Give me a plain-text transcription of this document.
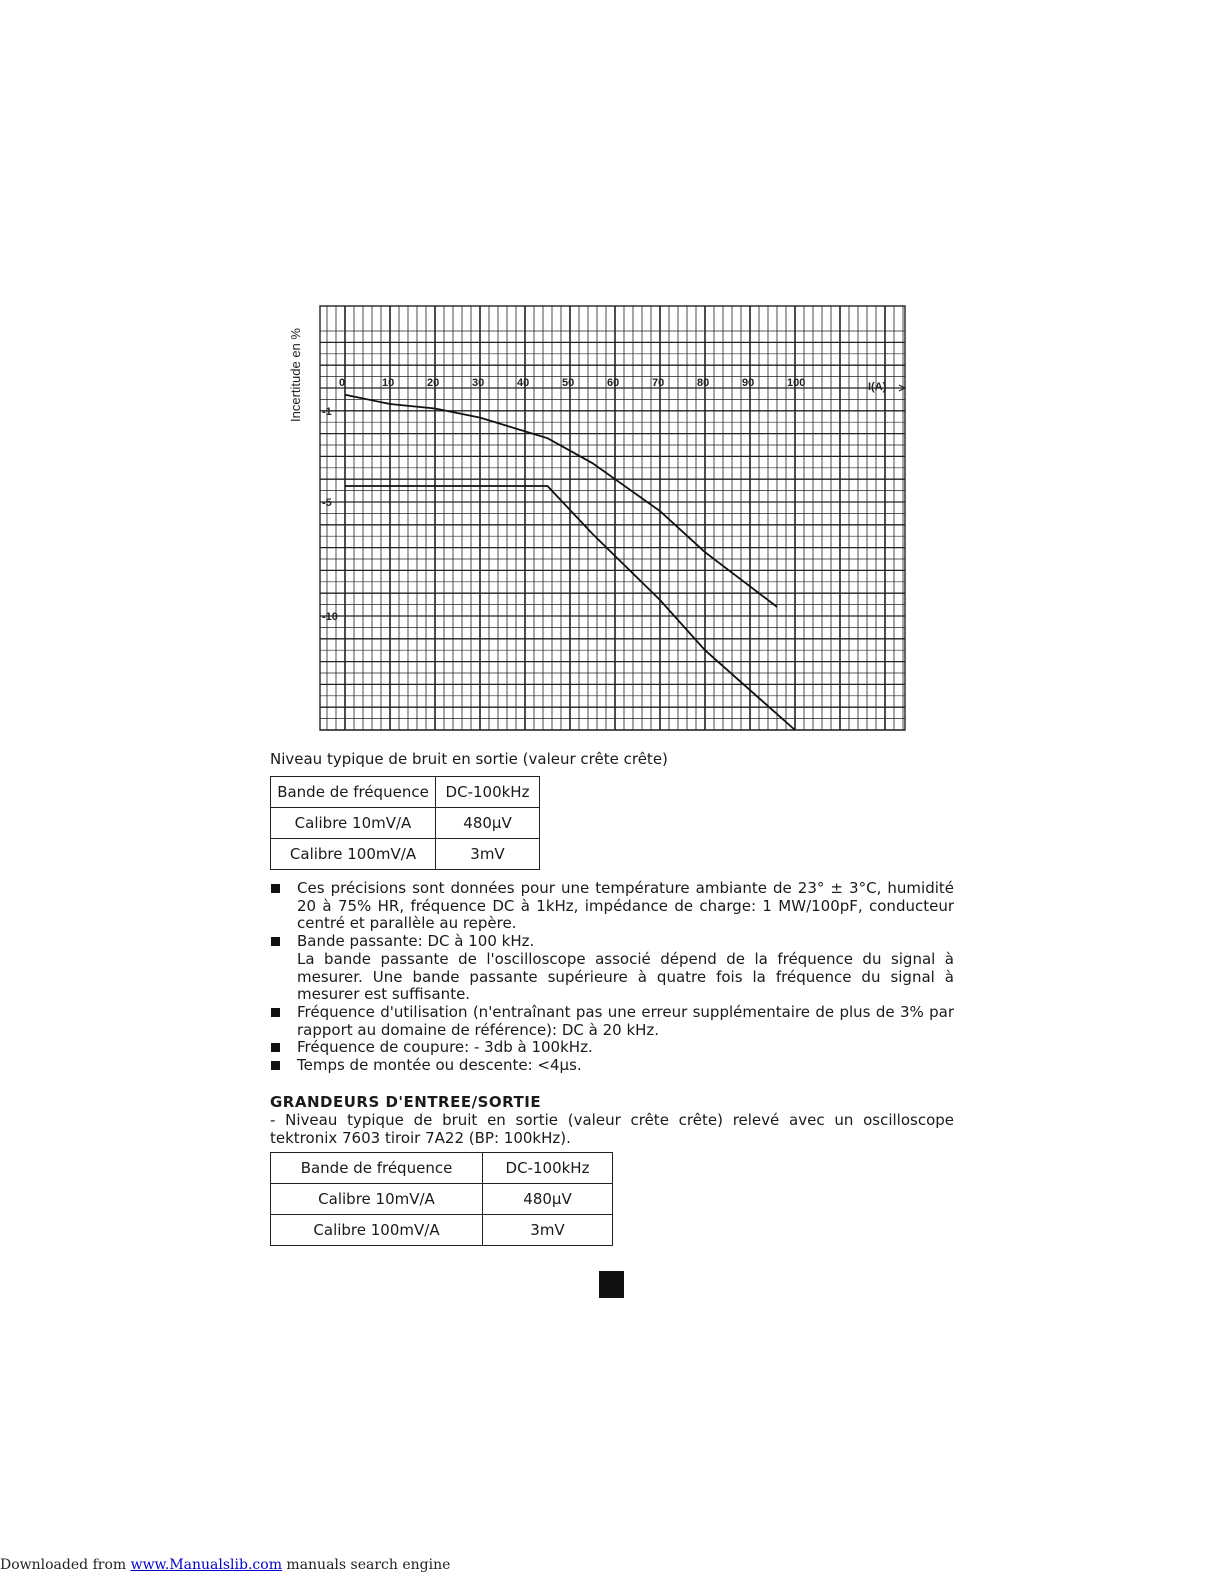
0	10	20	30	40	50	60	70	80	90	100
-1
-5
-10
Incertitude en %	I(A)
Niveau typique de bruit en sortie (valeur crête crête)
Bande de fréquence	DC-100kHz
Calibre 10mV/A	480µV
Calibre 100mV/A	3mV

Ces précisions sont données pour une température ambiante de 23° ± 3°C, humidité 20 à 75% HR, fréquence DC à 1kHz, impédance de charge: 1 MW/100pF, conducteur centré et parallèle au repère.

Bande passante: DC à 100 kHz.

La bande passante de l'oscilloscope associé dépend de la fréquence du signal à mesurer. Une bande passante supérieure à quatre fois la fréquence du signal à mesurer est suffisante.

Fréquence d'utilisation (n'entraînant pas une erreur supplémentaire de plus de 3% par rapport au domaine de référence): DC à 20 kHz.

Fréquence de coupure: - 3db à 100kHz.

Temps de montée ou descente: <4µs.

GRANDEURS D'ENTREE/SORTIE
- Niveau typique de bruit en sortie (valeur crête crête) relevé avec un oscilloscope tektronix 7603 tiroir 7A22 (BP: 100kHz).
Bande de fréquence	DC-100kHz
Calibre 10mV/A	480µV
Calibre 100mV/A	3mV
Downloaded from www.Manualslib.com manuals search engine
